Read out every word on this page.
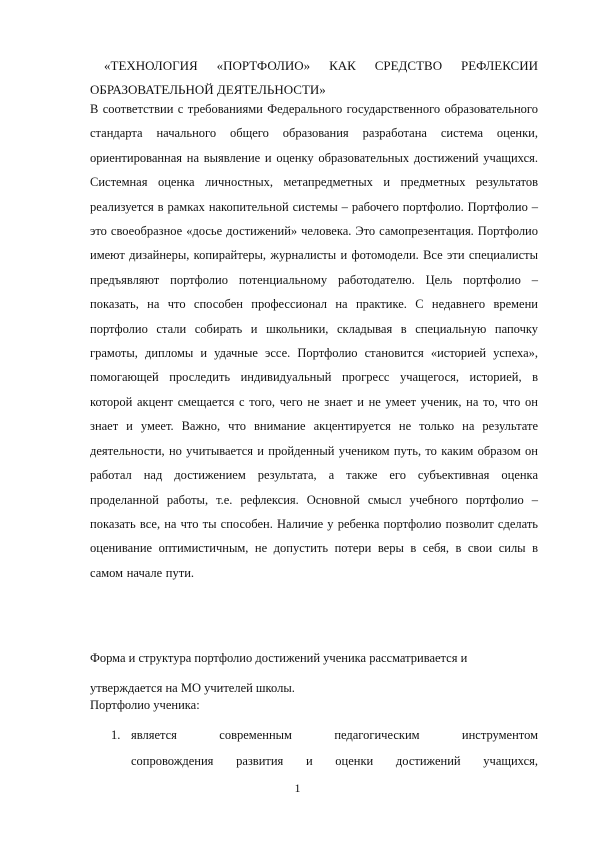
«ТЕХНОЛОГИЯ «ПОРТФОЛИО» КАК СРЕДСТВО РЕФЛЕКСИИ ОБРАЗОВАТЕЛЬНОЙ ДЕЯТЕЛЬНОСТИ»
В соответствии с требованиями Федерального государственного образовательного стандарта начального общего образования разработана система оценки, ориентированная на выявление и оценку образовательных достижений учащихся. Системная оценка личностных, метапредметных и предметных результатов реализуется в рамках накопительной системы – рабочего портфолио. Портфолио – это своеобразное «досье достижений» человека. Это самопрезентация. Портфолио имеют дизайнеры, копирайтеры, журналисты и фотомодели. Все эти специалисты предъявляют портфолио потенциальному работодателю. Цель портфолио – показать, на что способен профессионал на практике. С недавнего времени портфолио стали собирать и школьники, складывая в специальную папочку грамоты, дипломы и удачные эссе. Портфолио становится «историей успеха», помогающей проследить индивидуальный прогресс учащегося, историей, в которой акцент смещается с того, чего не знает и не умеет ученик, на то, что он знает и умеет. Важно, что внимание акцентируется не только на результате деятельности, но учитывается и пройденный учеником путь, то каким образом он работал над достижением результата, а также его субъективная оценка проделанной работы, т.е. рефлексия. Основной смысл учебного портфолио – показать все, на что ты способен. Наличие у ребенка портфолио позволит сделать оценивание оптимистичным, не допустить потери веры в себя, в свои силы в самом начале пути.
Форма и структура портфолио достижений ученика рассматривается и
утверждается на МО учителей школы.
Портфолио ученика:
1. является современным педагогическим инструментом
сопровождения развития и оценки достижений учащихся,
1
